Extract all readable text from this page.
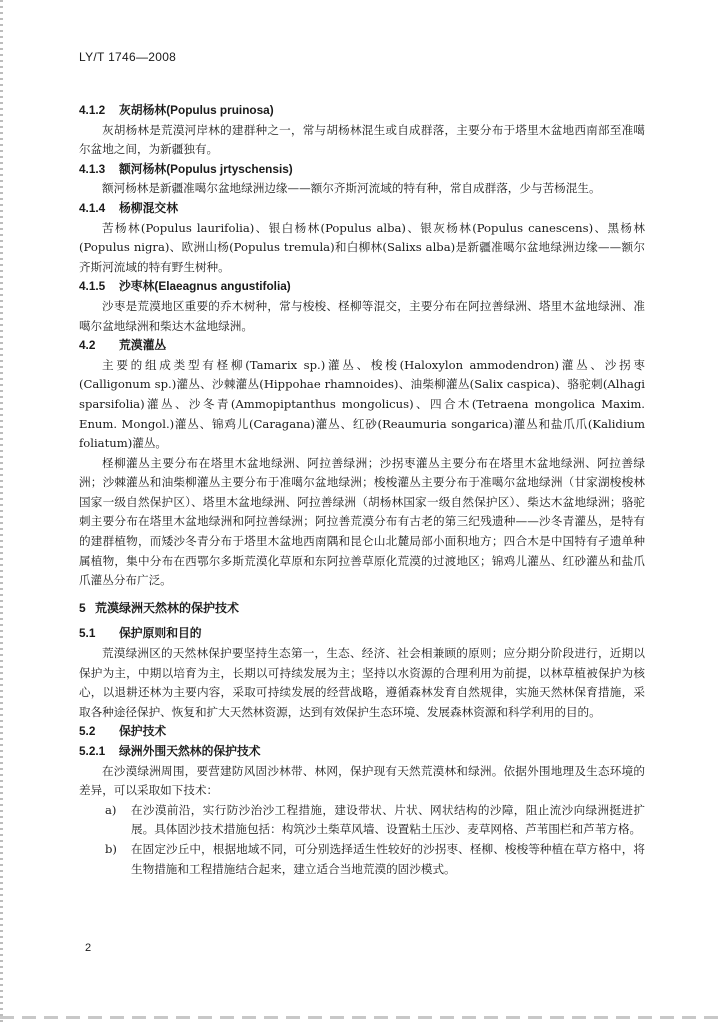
LY/T 1746—2008
4.1.2 灰胡杨林(Populus pruinosa)

灰胡杨林是荒漠河岸林的建群种之一，常与胡杨林混生或自成群落，主要分布于塔里木盆地西南部至准噶尔盆地之间，为新疆独有。

4.1.3 额河杨林(Populus jrtyschensis)

额河杨林是新疆准噶尔盆地绿洲边缘——额尔齐斯河流域的特有种，常自成群落，少与苦杨混生。

4.1.4 杨柳混交林

苦杨林(Populus laurifolia)、银白杨林(Populus alba)、银灰杨林(Populus canescens)、黑杨林(Populus nigra)、欧洲山杨(Populus tremula)和白柳林(Salixs alba)是新疆准噶尔盆地绿洲边缘——额尔齐斯河流域的特有野生树种。

4.1.5 沙枣林(Elaeagnus angustifolia)

沙枣是荒漠地区重要的乔木树种，常与梭梭、柽柳等混交，主要分布在阿拉善绿洲、塔里木盆地绿洲、准噶尔盆地绿洲和柴达木盆地绿洲。

4.2 荒漠灌丛

主要的组成类型有柽柳(Tamarix sp.)灌丛、梭梭(Haloxylon ammodendron)灌丛、沙拐枣(Calligonum sp.)灌丛、沙棘灌丛(Hippohae rhamnoides)、油柴柳灌丛(Salix caspica)、骆驼刺(Alhagi sparsifolia)灌丛、沙冬青(Ammopiptanthus mongolicus)、四合木(Tetraena mongolica Maxim. Enum. Mongol.)灌丛、锦鸡儿(Caragana)灌丛、红砂(Reaumuria songarica)灌丛和盐爪爪(Kalidium foliatum)灌丛。

柽柳灌丛主要分布在塔里木盆地绿洲、阿拉善绿洲；沙拐枣灌丛主要分布在塔里木盆地绿洲、阿拉善绿洲；沙棘灌丛和油柴柳灌丛主要分布于准噶尔盆地绿洲；梭梭灌丛主要分布于准噶尔盆地绿洲（甘家湖梭梭林国家一级自然保护区）、塔里木盆地绿洲、阿拉善绿洲（胡杨林国家一级自然保护区）、柴达木盆地绿洲；骆驼刺主要分布在塔里木盆地绿洲和阿拉善绿洲；阿拉善荒漠分布有古老的第三纪残遗种——沙冬青灌丛，是特有的建群植物，而矮沙冬青分布于塔里木盆地西南隅和昆仑山北麓局部小面积地方；四合木是中国特有孑遗单种属植物，集中分布在西鄂尔多斯荒漠化草原和东阿拉善草原化荒漠的过渡地区；锦鸡儿灌丛、红砂灌丛和盐爪爪灌丛分布广泛。

5 荒漠绿洲天然林的保护技术
5.1 保护原则和目的

荒漠绿洲区的天然林保护要坚持生态第一，生态、经济、社会相兼顾的原则；应分期分阶段进行，近期以保护为主，中期以培育为主，长期以可持续发展为主；坚持以水资源的合理利用为前提，以林草植被保护为核心，以退耕还林为主要内容，采取可持续发展的经营战略，遵循森林发育自然规律，实施天然林保育措施，采取各种途径保护、恢复和扩大天然林资源，达到有效保护生态环境、发展森林资源和科学利用的目的。

5.2 保护技术
5.2.1 绿洲外围天然林的保护技术

在沙漠绿洲周围，要营建防风固沙林带、林网，保护现有天然荒漠林和绿洲。依据外围地理及生态环境的差异，可以采取如下技术：

a) 在沙漠前沿，实行防沙治沙工程措施，建设带状、片状、网状结构的沙障，阻止流沙向绿洲挺进扩展。具体固沙技术措施包括：构筑沙土柴草风墙、设置粘土压沙、麦草网格、芦苇围栏和芦苇方格。
b) 在固定沙丘中，根据地域不同，可分别选择适生性较好的沙拐枣、柽柳、梭梭等种植在草方格中，将生物措施和工程措施结合起来，建立适合当地荒漠的固沙模式。
2
